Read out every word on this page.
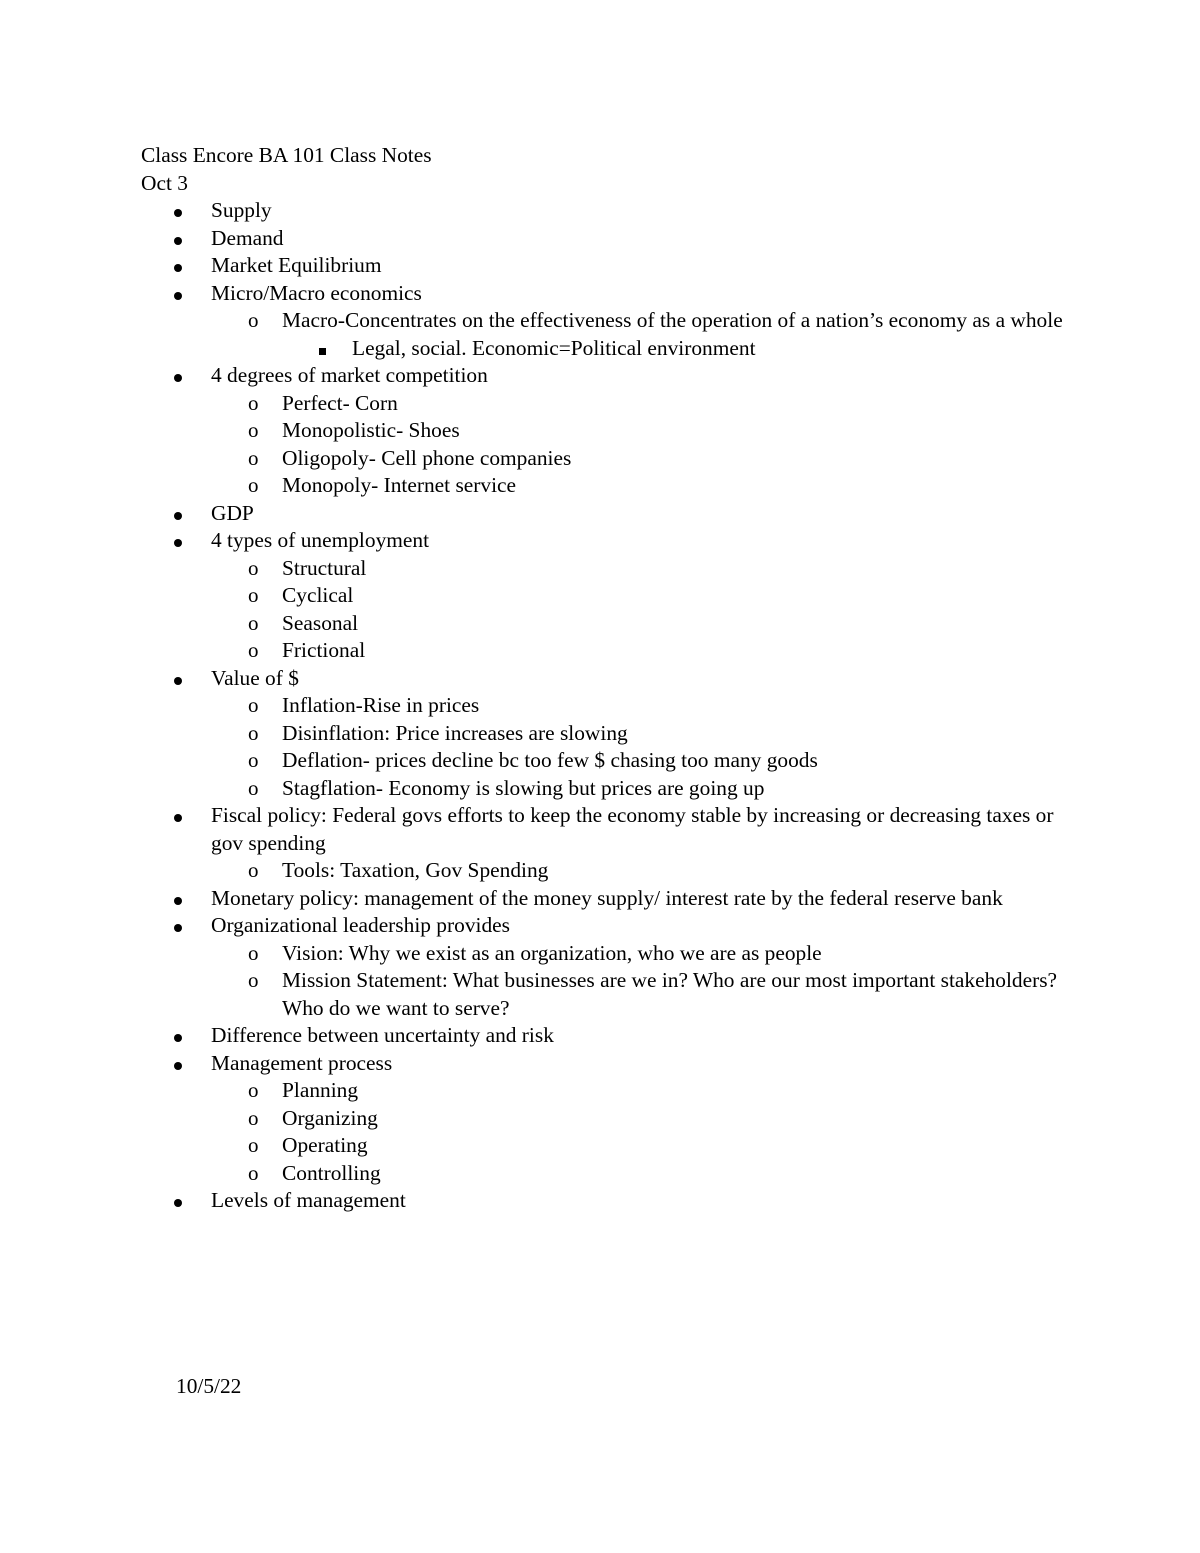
Class Encore BA 101 Class Notes
Oct 3
Supply
Demand
Market Equilibrium
Micro/Macro economics
o Macro-Concentrates on the effectiveness of the operation of a nation’s economy as a whole
Legal, social. Economic=Political environment
4 degrees of market competition
o Perfect- Corn
o Monopolistic- Shoes
o Oligopoly- Cell phone companies
o Monopoly- Internet service
GDP
4 types of unemployment
o Structural
o Cyclical
o Seasonal
o Frictional
Value of $
o Inflation-Rise in prices
o Disinflation: Price increases are slowing
o Deflation- prices decline bc too few $ chasing too many goods
o Stagflation- Economy is slowing but prices are going up
Fiscal policy: Federal govs efforts to keep the economy stable by increasing or decreasing taxes or gov spending
o Tools: Taxation, Gov Spending
Monetary policy: management of the money supply/ interest rate by the federal reserve bank
Organizational leadership provides
o Vision: Why we exist as an organization, who we are as people
o Mission Statement: What businesses are we in? Who are our most important stakeholders? Who do we want to serve?
Difference between uncertainty and risk
Management process
o Planning
o Organizing
o Operating
o Controlling
Levels of management
10/5/22
